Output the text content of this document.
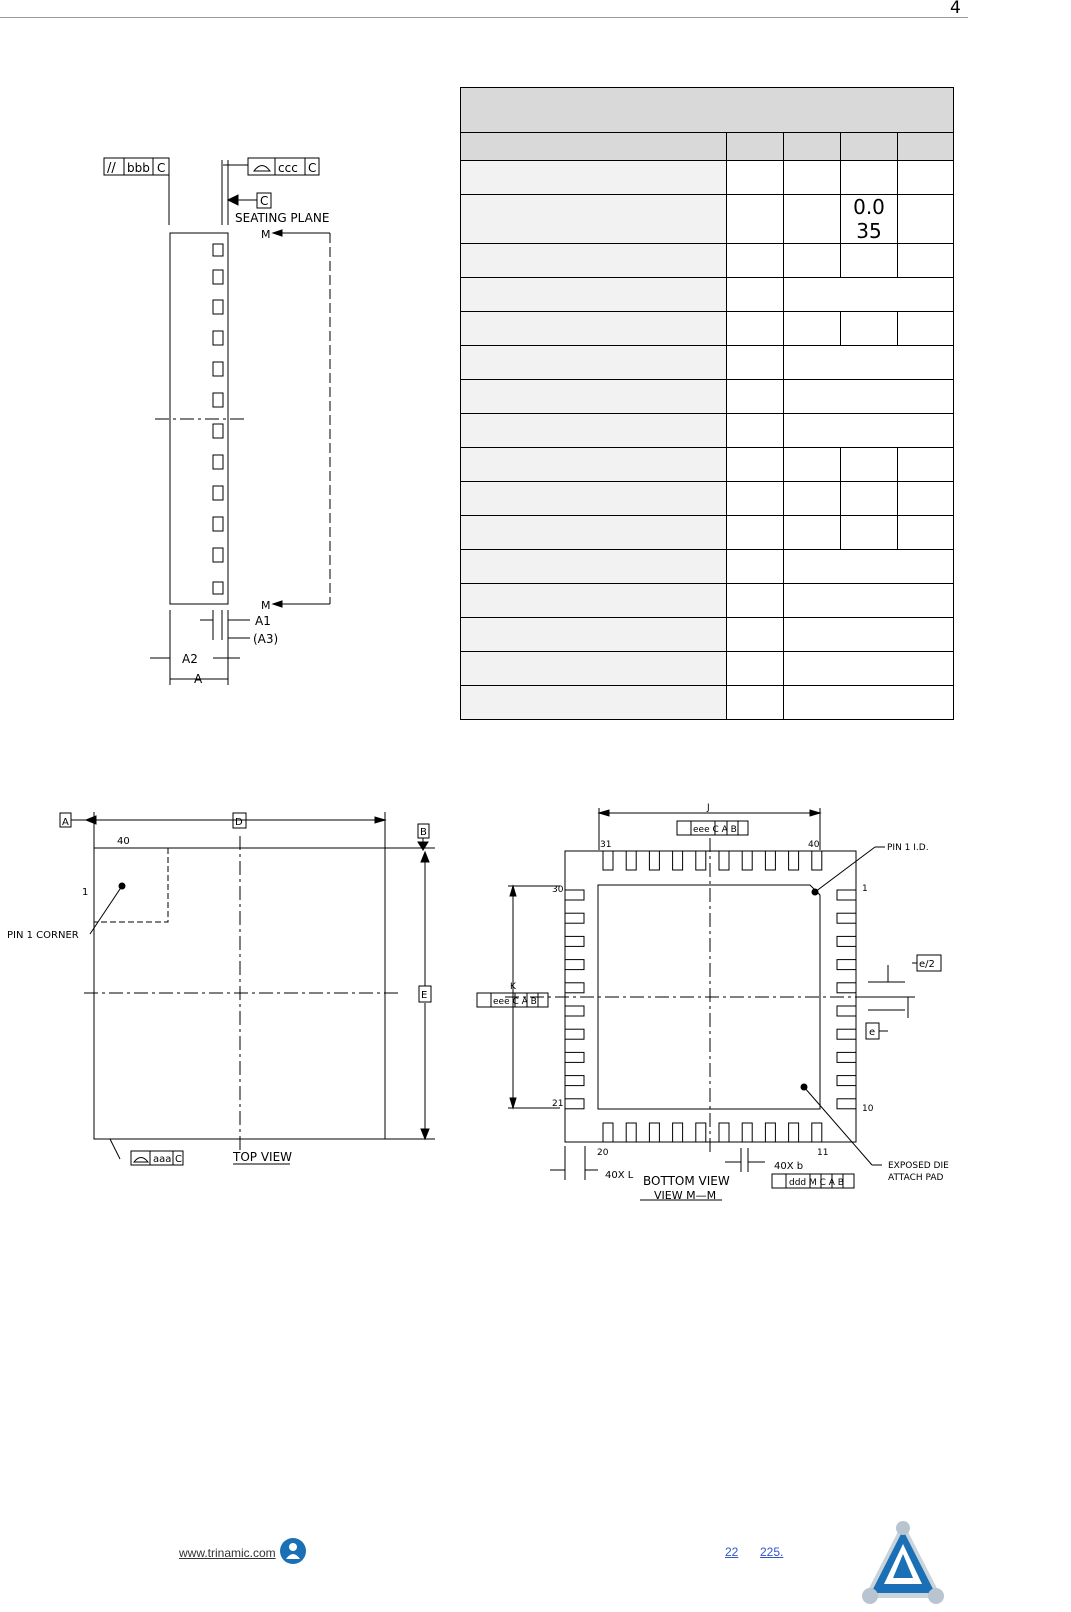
4
// bbb C	ccc C
C
SEATING PLANE
M
M
A1
(A3)
A2
A

			0.035	

A	D
B
E
40
1
PIN 1 CORNER
aaa C	TOP VIEW
J
eee C A B
31	40	PIN 1 I.D.
1
30
K
eee C A B
e/2
e
21	10
20	11
40X L
40X b
ddd M C A B
EXPOSED DIE
ATTACH PAD
BOTTOM VIEW
VIEW M—M
www.trinamic.com	22 225.
